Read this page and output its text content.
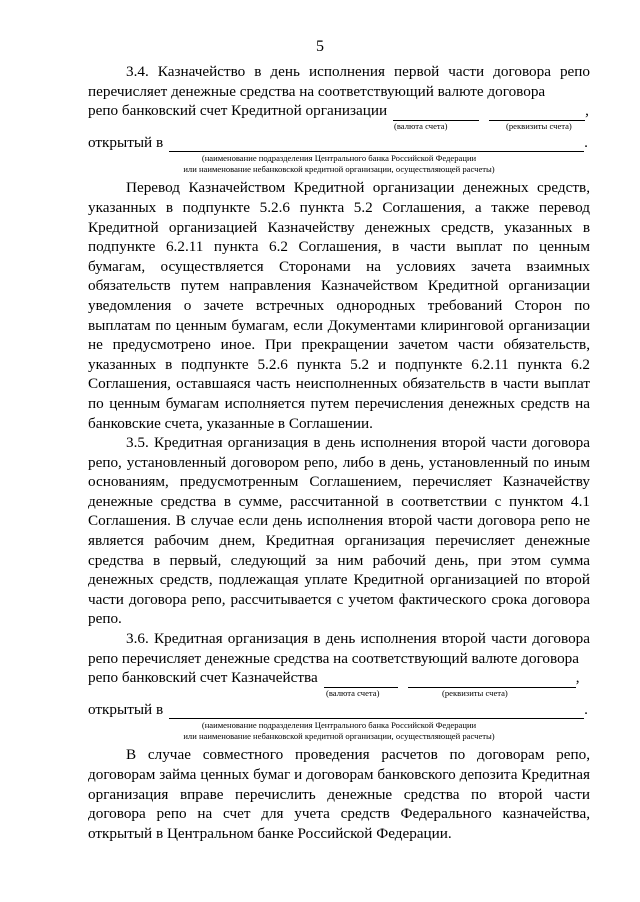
5

3.4. Казначейство в день исполнения первой части договора репо перечисляет денежные средства на соответствующий валюте договора

репо банковский счет Кредитной организации	,
(валюта счета)	(реквизиты счета)
открытый в	.
(наименование подразделения Центрального банка Российской Федерации
или наименование небанковской кредитной организации, осуществляющей расчеты)

Перевод Казначейством Кредитной организации денежных средств, указанных в подпункте 5.2.6 пункта 5.2 Соглашения, а также перевод Кредитной организацией Казначейству денежных средств, указанных в подпункте 6.2.11 пункта 6.2 Соглашения, в части выплат по ценным бумагам, осуществляется Сторонами на условиях зачета взаимных обязательств путем направления Казначейством Кредитной организации уведомления о зачете встречных однородных требований Сторон по выплатам по ценным бумагам, если Документами клиринговой организации не предусмотрено иное. При прекращении зачетом части обязательств, указанных в подпункте 5.2.6 пункта 5.2 и подпункте 6.2.11 пункта 6.2 Соглашения, оставшаяся часть неисполненных обязательств в части выплат по ценным бумагам исполняется путем перечисления денежных средств на банковские счета, указанные в Соглашении.

3.5. Кредитная организация в день исполнения второй части договора репо, установленный договором репо, либо в день, установленный по иным основаниям, предусмотренным Соглашением, перечисляет Казначейству денежные средства в сумме, рассчитанной в соответствии с пунктом 4.1 Соглашения. В случае если день исполнения второй части договора репо не является рабочим днем, Кредитная организация перечисляет денежные средства в первый, следующий за ним рабочий день, при этом сумма денежных средств, подлежащая уплате Кредитной организацией по второй части договора репо, рассчитывается с учетом фактического срока договора репо.

3.6. Кредитная организация в день исполнения второй части договора репо перечисляет денежные средства на соответствующий валюте договора

репо банковский счет Казначейства	,
(валюта счета)	(реквизиты счета)
открытый в	.
(наименование подразделения Центрального банка Российской Федерации
или наименование небанковской кредитной организации, осуществляющей расчеты)

В случае совместного проведения расчетов по договорам репо, договорам займа ценных бумаг и договорам банковского депозита Кредитная организация вправе перечислить денежные средства по второй части договора репо на счет для учета средств Федерального казначейства, открытый в Центральном банке Российской Федерации.
